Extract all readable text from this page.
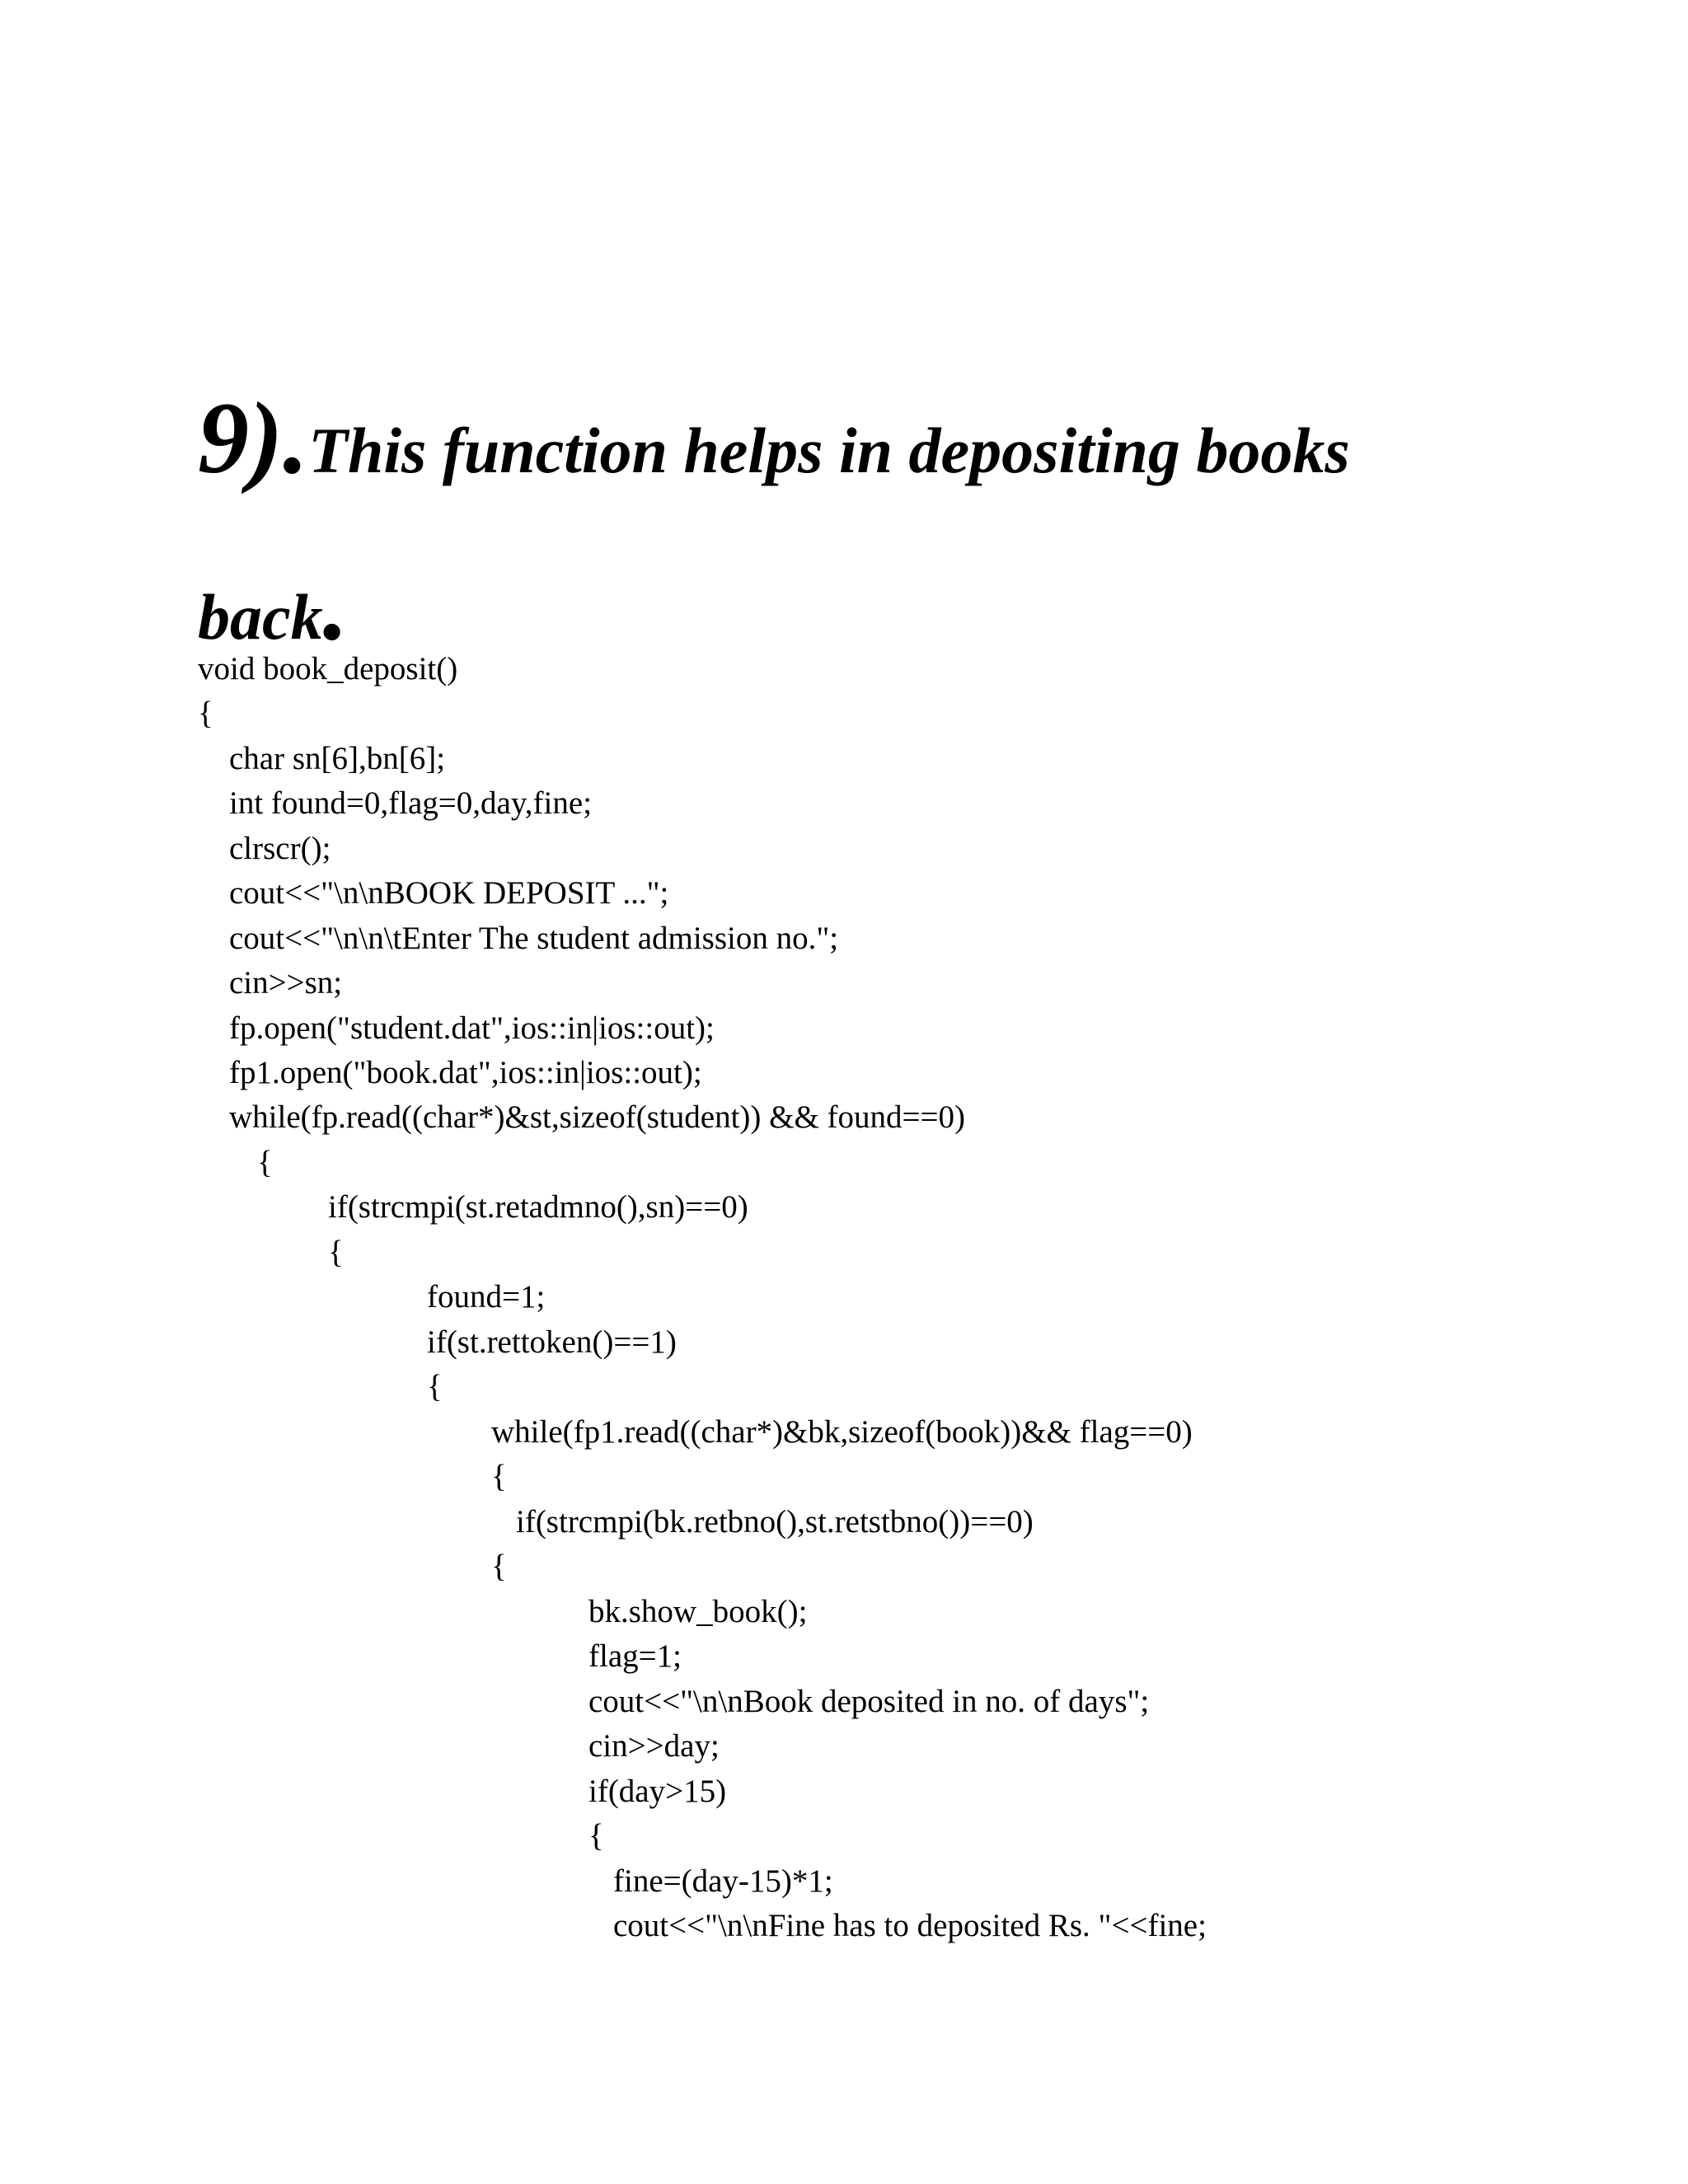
9).This function helps in depositing books
back.
void book_deposit()
{
char sn[6],bn[6];
int found=0,flag=0,day,fine;
clrscr();
cout<<"\n\nBOOK DEPOSIT ...";
cout<<"\n\n\tEnter The student admission no.";
cin>>sn;
fp.open("student.dat",ios::in|ios::out);
fp1.open("book.dat",ios::in|ios::out);
while(fp.read((char*)&st,sizeof(student)) && found==0)
{
if(strcmpi(st.retadmno(),sn)==0)
{
found=1;
if(st.rettoken()==1)
{
while(fp1.read((char*)&bk,sizeof(book))&& flag==0)
{
if(strcmpi(bk.retbno(),st.retstbno())==0)
{
bk.show_book();
flag=1;
cout<<"\n\nBook deposited in no. of days";
cin>>day;
if(day>15)
{
fine=(day-15)*1;
cout<<"\n\nFine has to deposited Rs. "<<fine;
